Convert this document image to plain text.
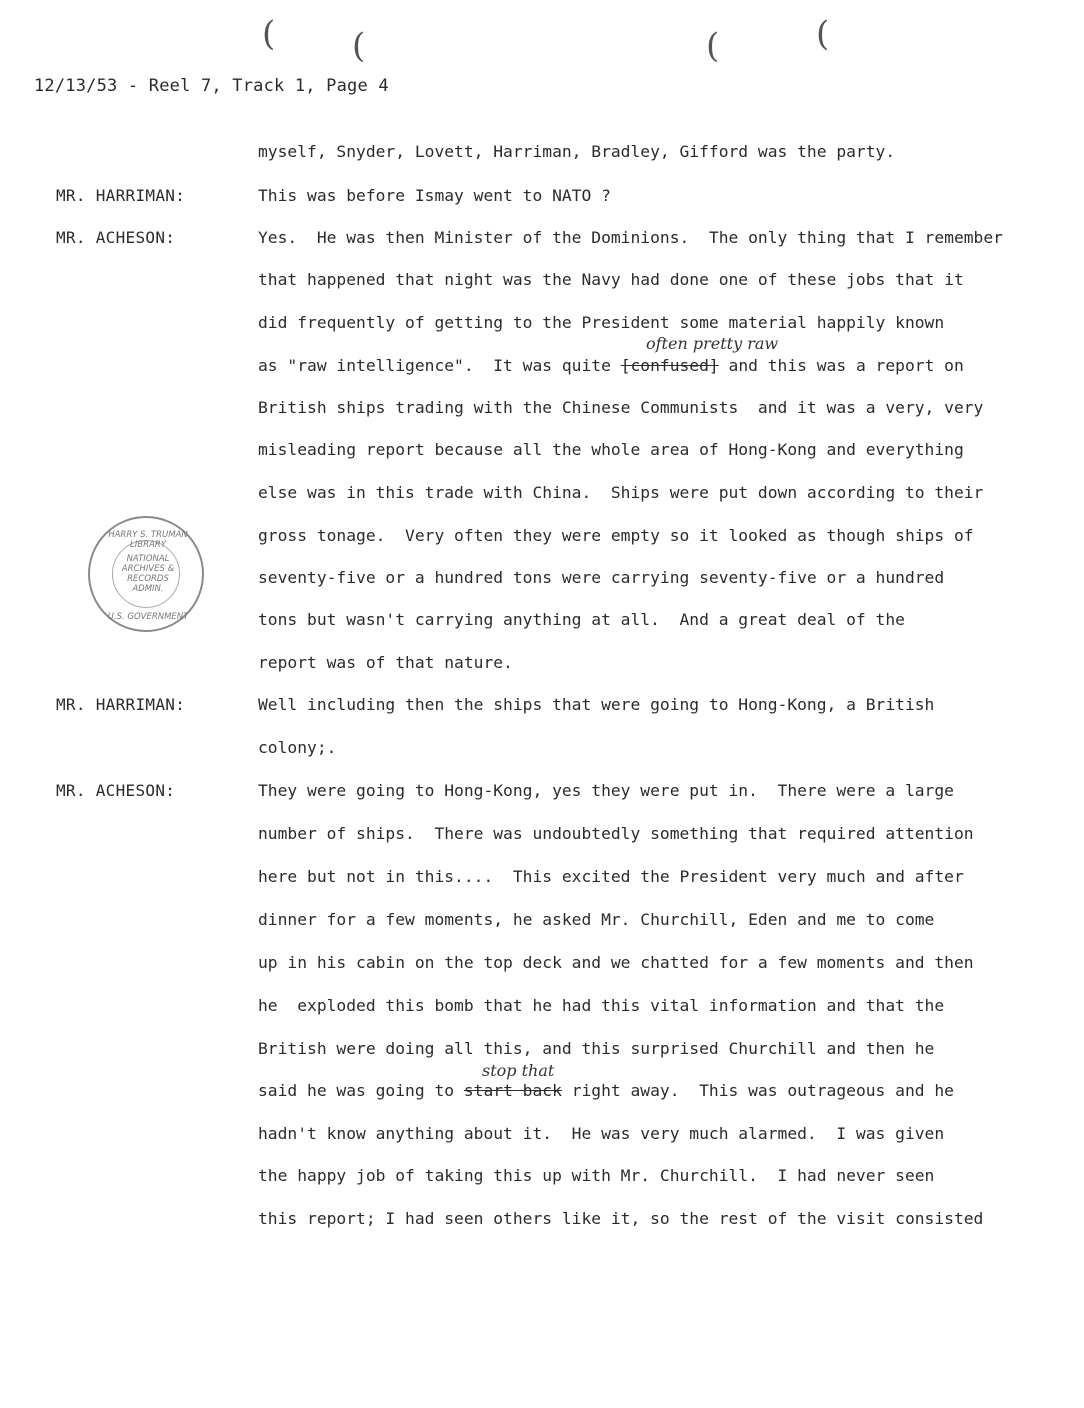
( (	(	(
12/13/53 - Reel 7, Track 1, Page 4
myself, Snyder, Lovett, Harriman, Bradley, Gifford was the party.
MR. HARRIMAN:	This was before Ismay went to NATO ?
MR. ACHESON:	Yes.  He was then Minister of the Dominions.  The only thing that I remember
that happened that night was the Navy had done one of these jobs that it
did frequently of getting to the President some material happily known
often pretty raw
as "raw intelligence".  It was quite [confused] and this was a report on
British ships trading with the Chinese Communists  and it was a very, very
misleading report because all the whole area of Hong-Kong and everything
else was in this trade with China.  Ships were put down according to their
gross tonage.  Very often they were empty so it looked as though ships of
seventy-five or a hundred tons were carrying seventy-five or a hundred
tons but wasn't carrying anything at all.  And a great deal of the
report was of that nature.
MR. HARRIMAN:	Well including then the ships that were going to Hong-Kong, a British
colony;.
MR. ACHESON:	They were going to Hong-Kong, yes they were put in.  There were a large
number of ships.  There was undoubtedly something that required attention
here but not in this....  This excited the President very much and after
dinner for a few moments, he asked Mr. Churchill, Eden and me to come
up in his cabin on the top deck and we chatted for a few moments and then
he  exploded this bomb that he had this vital information and that the
British were doing all this, and this surprised Churchill and then he
stop that
said he was going to start back right away.  This was outrageous and he
hadn't know anything about it.  He was very much alarmed.  I was given
the happy job of taking this up with Mr. Churchill.  I had never seen
this report; I had seen others like it, so the rest of the visit consisted
HARRY S. TRUMAN LIBRARY
NATIONAL
ARCHIVES &
RECORDS
ADMIN.
U.S. GOVERNMENT
